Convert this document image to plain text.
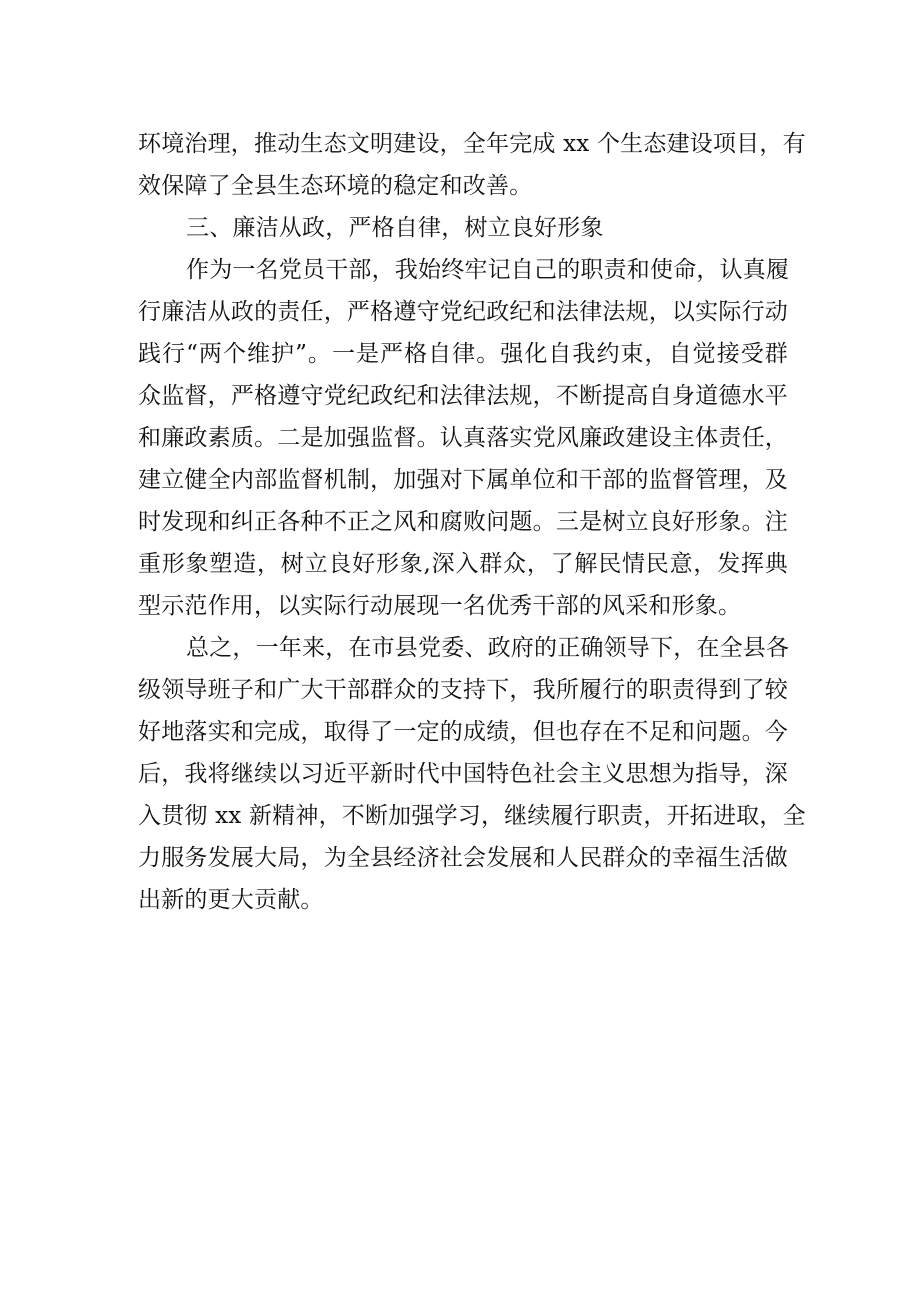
环境治理，推动生态文明建设，全年完成 xx 个生态建设项目，有
效保障了全县生态环境的稳定和改善。
三、廉洁从政，严格自律，树立良好形象
作为一名党员干部，我始终牢记自己的职责和使命，认真履
行廉洁从政的责任，严格遵守党纪政纪和法律法规，以实际行动
践行“两个维护”。一是严格自律。强化自我约束，自觉接受群
众监督，严格遵守党纪政纪和法律法规，不断提高自身道德水平
和廉政素质。二是加强监督。认真落实党风廉政建设主体责任，
建立健全内部监督机制，加强对下属单位和干部的监督管理，及
时发现和纠正各种不正之风和腐败问题。三是树立良好形象。注
重形象塑造，树立良好形象,深入群众，了解民情民意，发挥典
型示范作用，以实际行动展现一名优秀干部的风采和形象。
总之，一年来，在市县党委、政府的正确领导下，在全县各
级领导班子和广大干部群众的支持下，我所履行的职责得到了较
好地落实和完成，取得了一定的成绩，但也存在不足和问题。今
后，我将继续以习近平新时代中国特色社会主义思想为指导，深
入贯彻 xx 新精神，不断加强学习，继续履行职责，开拓进取，全
力服务发展大局，为全县经济社会发展和人民群众的幸福生活做
出新的更大贡献。
